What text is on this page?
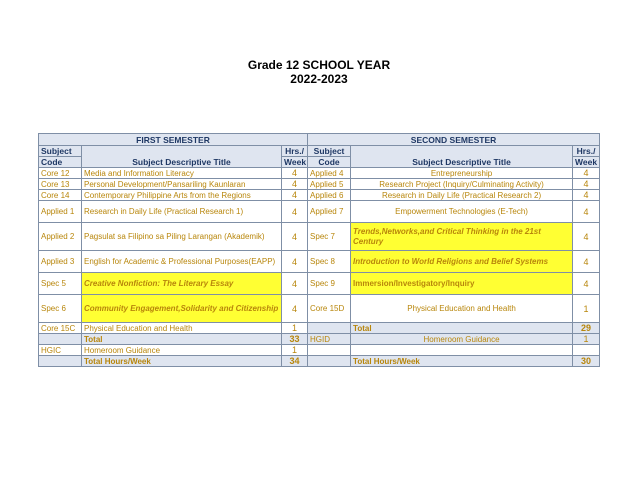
Grade 12 SCHOOL YEAR
2022-2023
FIRST SEMESTER			SECOND SEMESTER		
Subject	Subject Descriptive Title	Hrs./	Subject	Subject Descriptive Title	Hrs./
Code		Week	Code		Week
Core 12	Media and Information Literacy	4	Applied 4	Entrepreneurship	4
Core 13	Personal Development/Pansariling Kaunlaran	4	Applied 5	Research Project (Inquiry/Culminating Activity)	4
Core 14	Contemporary Philippine Arts from the Regions	4	Applied 6	Research in Daily Life (Practical Research 2)	4
Applied 1	Research in Daily Life (Practical Research 1)	4	Applied 7	Empowerment Technologies (E-Tech)	4
Applied 2	Pagsulat sa Filipino sa Piling Larangan (Akademik)	4	Spec 7	Trends,Networks,and Critical Thinking in the 21st Century	4
Applied 3	English for Academic & Professional Purposes(EAPP)	4	Spec 8	Introduction to World Religions and Belief Systems	4
Spec 5	Creative Nonfiction: The Literary Essay	4	Spec 9	Immersion/Investigatory/Inquiry	4
Spec 6	Community Engagement,Solidarity and Citizenship	4	Core 15D	Physical Education and Health	1
Core 15C	Physical Education and Health	1		Total	29
	Total	33	HGID	Homeroom Guidance	1
HGIC	Homeroom Guidance	1			
	Total Hours/Week	34		Total Hours/Week	30
